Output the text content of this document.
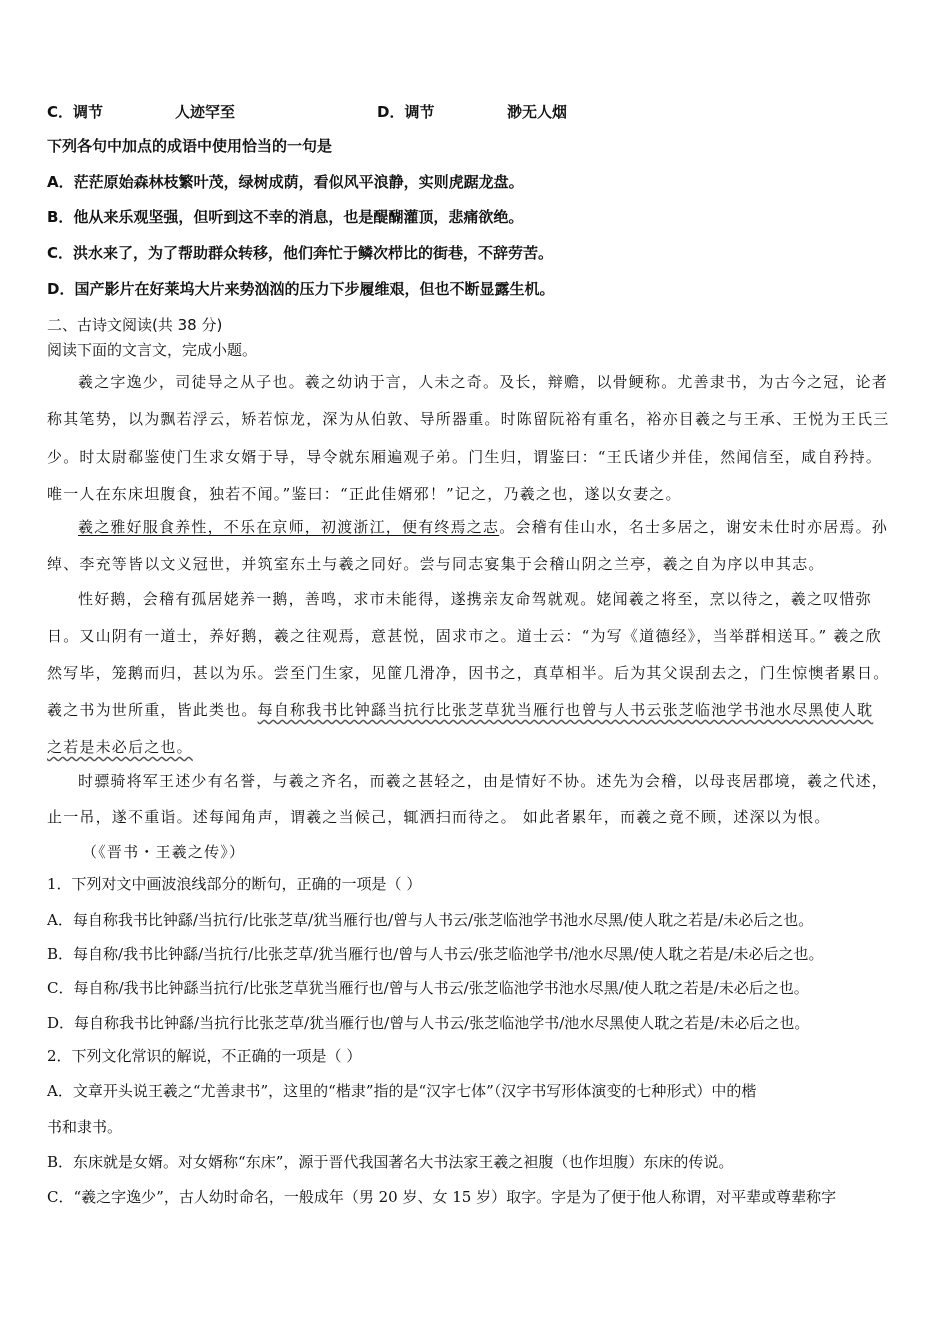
C．调节	人迹罕至	D．调节	渺无人烟
下列各句中加点的成语中使用恰当的一句是
A．茫茫原始森林枝繁叶茂，绿树成荫，看似风平浪静，实则虎踞龙盘。
B．他从来乐观坚强，但听到这不幸的消息，也是醍醐灌顶，悲痛欲绝。
C．洪水来了，为了帮助群众转移，他们奔忙于鳞次栉比的街巷，不辞劳苦。
D．国产影片在好莱坞大片来势汹汹的压力下步履维艰，但也不断显露生机。
二、古诗文阅读(共 38 分)
阅读下面的文言文，完成小题。
羲之字逸少，司徒导之从子也。羲之幼讷于言，人未之奇。及长，辩赡，以骨鲠称。尤善隶书，为古今之冠，论者
称其笔势，以为飘若浮云，矫若惊龙，深为从伯敦、导所器重。时陈留阮裕有重名，裕亦目羲之与王承、王悦为王氏三
少。时太尉郗鉴使门生求女婿于导，导令就东厢遍观子弟。门生归，谓鉴曰：“王氏诸少并佳，然闻信至，咸自矜持。
唯一人在东床坦腹食，独若不闻。”鉴曰：“正此佳婿邪！”记之，乃羲之也，遂以女妻之。
羲之雅好服食养性，不乐在京师，初渡浙江，便有终焉之志。会稽有佳山水，名士多居之，谢安未仕时亦居焉。孙
绰、李充等皆以文义冠世，并筑室东土与羲之同好。尝与同志宴集于会稽山阴之兰亭，羲之自为序以申其志。
性好鹅，会稽有孤居姥养一鹅，善鸣，求市未能得，遂携亲友命驾就观。姥闻羲之将至，烹以待之，羲之叹惜弥
日。又山阴有一道士，养好鹅，羲之往观焉，意甚悦，固求市之。道士云：“为写《道德经》，当举群相送耳。” 羲之欣
然写毕，笼鹅而归，甚以为乐。尝至门生家，见篚几滑净，因书之，真草相半。后为其父误刮去之，门生惊懊者累日。
羲之书为世所重，皆此类也。每自称我书比钟繇当抗行比张芝草犹当雁行也曾与人书云张芝临池学书池水尽黑使人耽
之若是未必后之也。
时骠骑将军王述少有名誉，与羲之齐名，而羲之甚轻之，由是情好不协。述先为会稽，以母丧居郡境，羲之代述，
止一吊，遂不重诣。述每闻角声，谓羲之当候己，辄洒扫而待之。 如此者累年，而羲之竟不顾，述深以为恨。
（《晋书・王羲之传》）
1．下列对文中画波浪线部分的断句，正确的一项是（ ）
A．每自称我书比钟繇/当抗行/比张芝草/犹当雁行也/曾与人书云/张芝临池学书池水尽黑/使人耽之若是/未必后之也。
B．每自称/我书比钟繇/当抗行/比张芝草/犹当雁行也/曾与人书云/张芝临池学书/池水尽黑/使人耽之若是/未必后之也。
C．每自称/我书比钟繇当抗行/比张芝草犹当雁行也/曾与人书云/张芝临池学书池水尽黑/使人耽之若是/未必后之也。
D．每自称我书比钟繇/当抗行比张芝草/犹当雁行也/曾与人书云/张芝临池学书/池水尽黑使人耽之若是/未必后之也。
2．下列文化常识的解说，不正确的一项是（ ）
A．文章开头说王羲之“尤善隶书”，这里的“楷隶”指的是“汉字七体”（汉字书写形体演变的七种形式）中的楷
书和隶书。
B．东床就是女婿。对女婿称“东床”，源于晋代我国著名大书法家王羲之袒腹（也作坦腹）东床的传说。
C．“羲之字逸少”，古人幼时命名，一般成年（男 20 岁、女 15 岁）取字。字是为了便于他人称谓，对平辈或尊辈称字
